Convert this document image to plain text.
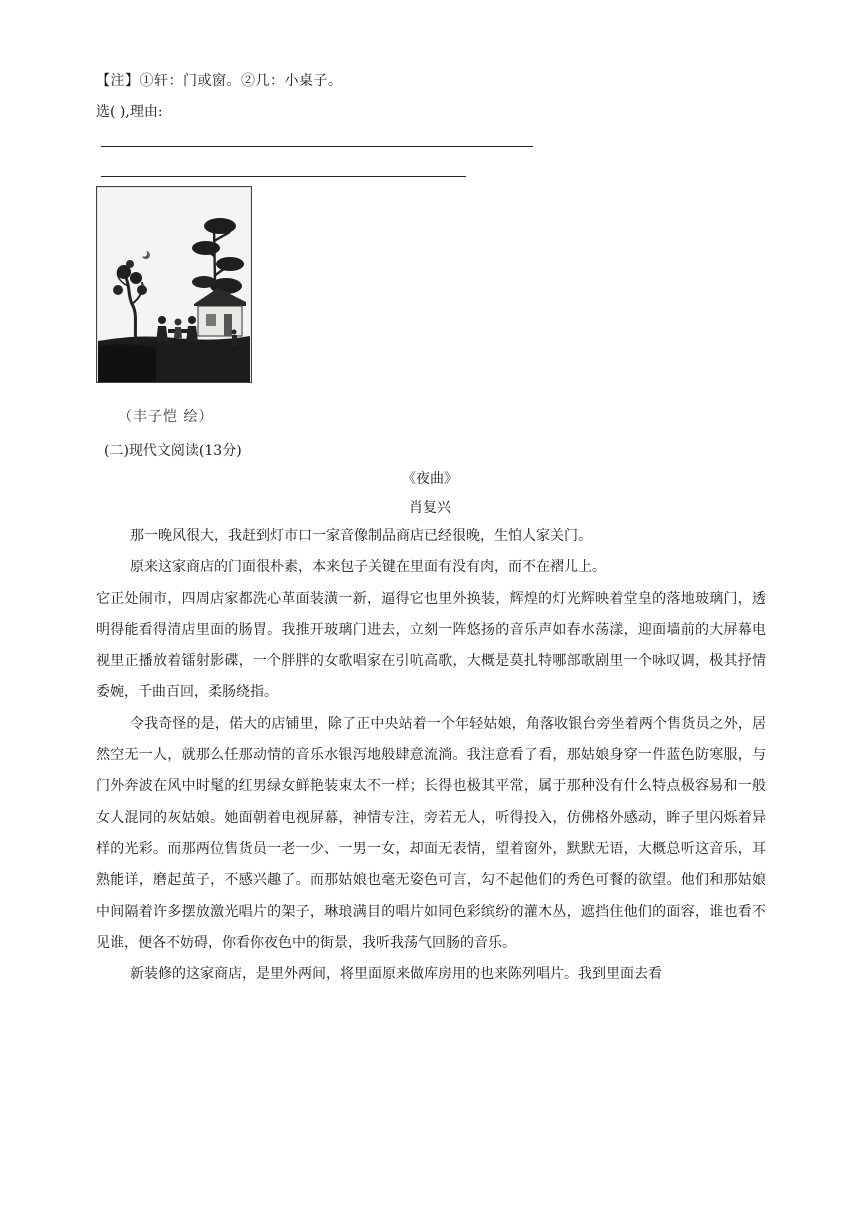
【注】①轩：门或窗。②几：小桌子。
选( ),理由:
（丰子恺 绘）
(二)现代文阅读(13分)
《夜曲》
肖复兴

那一晚风很大，我赶到灯市口一家音像制品商店已经很晚，生怕人家关门。

原来这家商店的门面很朴素，本来包子关键在里面有没有肉，而不在褶儿上。

它正处闹市，四周店家都洗心革面装潢一新，逼得它也里外换装，辉煌的灯光辉映着堂皇的落地玻璃门，透明得能看得清店里面的肠胃。我推开玻璃门进去，立刻一阵悠扬的音乐声如春水荡漾，迎面墙前的大屏幕电视里正播放着镭射影碟，一个胖胖的女歌唱家在引吭高歌，大概是莫扎特哪部歌剧里一个咏叹调，极其抒情委婉，千曲百回，柔肠绕指。

令我奇怪的是，偌大的店铺里，除了正中央站着一个年轻姑娘，角落收银台旁坐着两个售货员之外，居然空无一人，就那么任那动情的音乐水银泻地般肆意流淌。我注意看了看，那姑娘身穿一件蓝色防寒服，与门外奔波在风中时髦的红男绿女鲜艳装束太不一样；长得也极其平常，属于那种没有什么特点极容易和一般女人混同的灰姑娘。她面朝着电视屏幕，神情专注，旁若无人，听得投入，仿佛格外感动，眸子里闪烁着异样的光彩。而那两位售货员一老一少、一男一女，却面无表情，望着窗外，默默无语，大概总听这音乐，耳熟能详，磨起茧子，不感兴趣了。而那姑娘也毫无姿色可言，勾不起他们的秀色可餐的欲望。他们和那姑娘中间隔着许多摆放激光唱片的架子，琳琅满目的唱片如同色彩缤纷的灌木丛，遮挡住他们的面容，谁也看不见谁，便各不妨碍，你看你夜色中的街景，我听我荡气回肠的音乐。

新装修的这家商店，是里外两间，将里面原来做库房用的也来陈列唱片。我到里面去看
